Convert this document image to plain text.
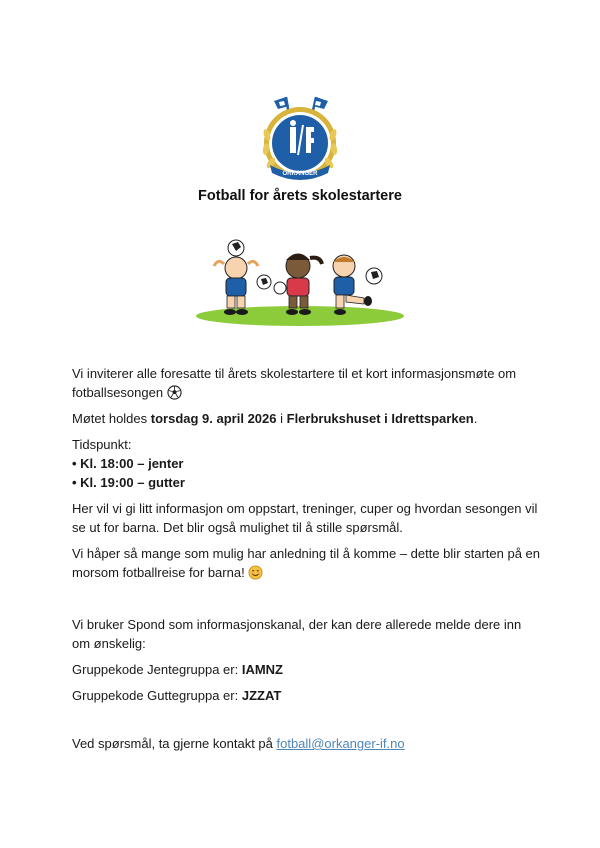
ORKANGER
Fotball for årets skolestartere

Vi inviterer alle foresatte til årets skolestartere til et kort informasjonsmøte om fotballsesongen

Møtet holdes torsdag 9. april 2026 i Flerbrukshuset i Idrettsparken.

Tidspunkt:
• Kl. 18:00 – jenter
• Kl. 19:00 – gutter

Her vil vi gi litt informasjon om oppstart, treninger, cuper og hvordan sesongen vil se ut for barna. Det blir også mulighet til å stille spørsmål.

Vi håper så mange som mulig har anledning til å komme – dette blir starten på en morsom fotballreise for barna!

Vi bruker Spond som informasjonskanal, der kan dere allerede melde dere inn om ønskelig:

Gruppekode Jentegruppa er: IAMNZ

Gruppekode Guttegruppa er: JZZAT

Ved spørsmål, ta gjerne kontakt på fotball@orkanger-if.no
